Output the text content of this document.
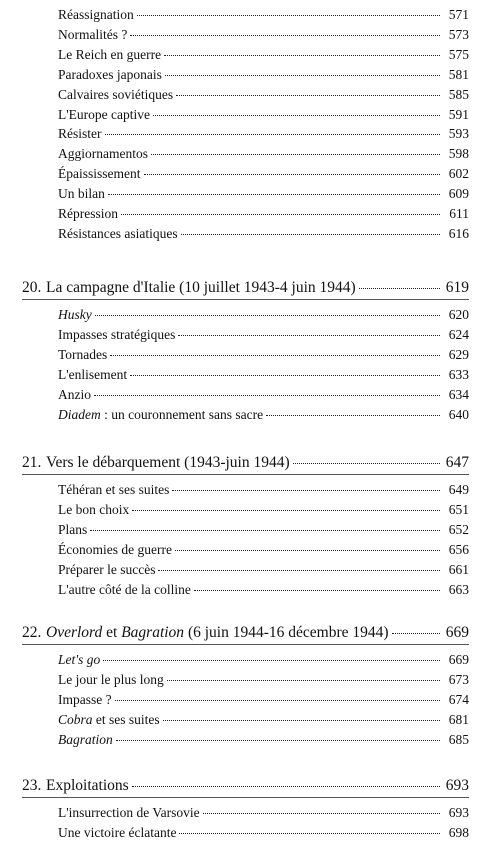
Réassignation	571
Normalités ?	573
Le Reich en guerre	575
Paradoxes japonais	581
Calvaires soviétiques	585
L'Europe captive	591
Résister	593
Aggiornamentos	598
Épaississement	602
Un bilan	609
Répression	611
Résistances asiatiques	616
20. La campagne d'Italie (10 juillet 1943-4 juin 1944)	619
Husky	620
Impasses stratégiques	624
Tornades	629
L'enlisement	633
Anzio	634
Diadem : un couronnement sans sacre	640
21. Vers le débarquement (1943-juin 1944)	647
Téhéran et ses suites	649
Le bon choix	651
Plans	652
Économies de guerre	656
Préparer le succès	661
L'autre côté de la colline	663
22. Overlord et Bagration (6 juin 1944-16 décembre 1944)	669
Let's go	669
Le jour le plus long	673
Impasse ?	674
Cobra et ses suites	681
Bagration	685
23. Exploitations	693
L'insurrection de Varsovie	693
Une victoire éclatante	698
